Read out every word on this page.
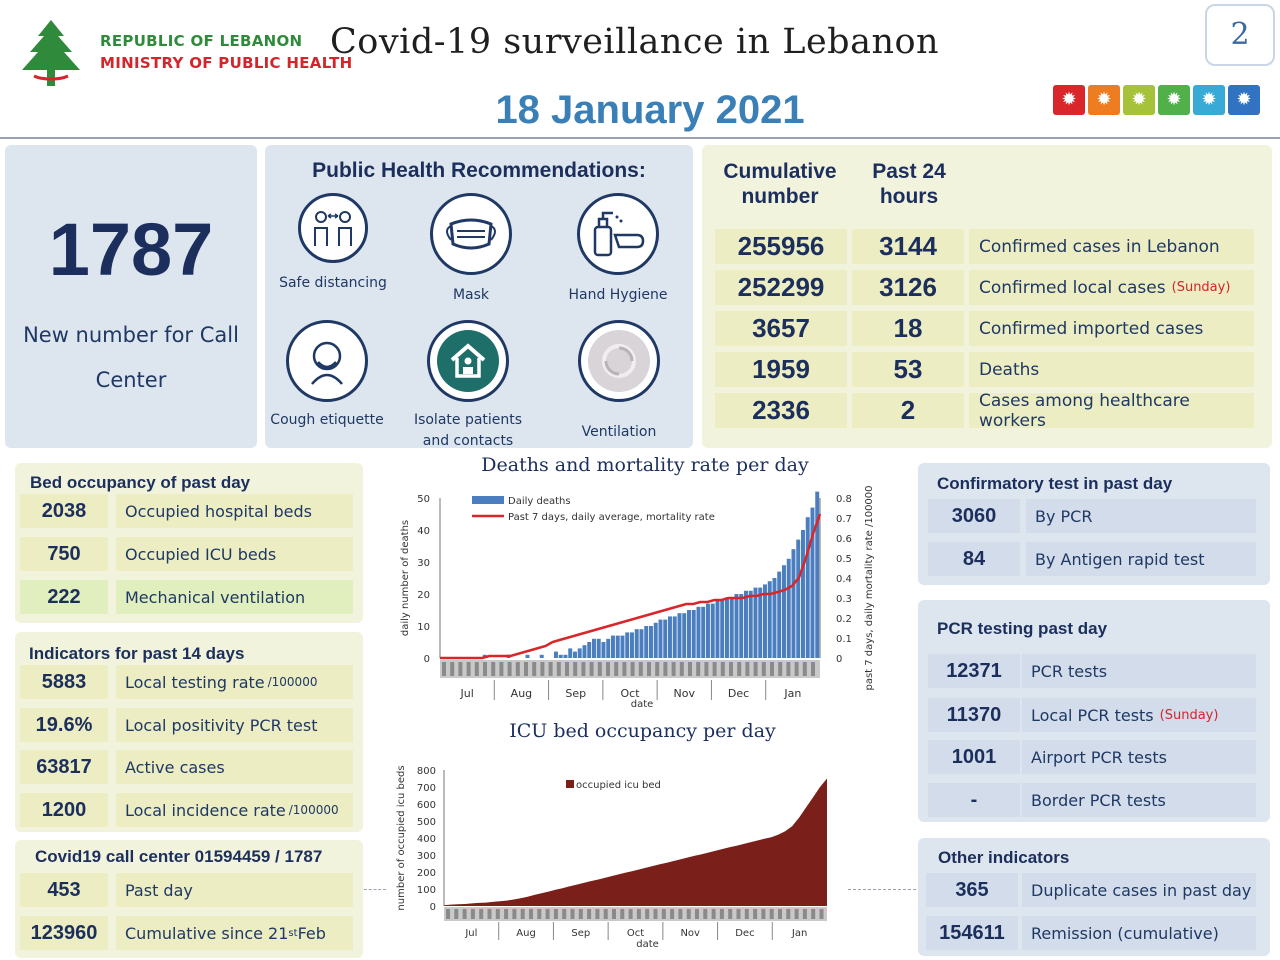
REPUBLIC OF LEBANON
MINISTRY OF PUBLIC HEALTH
Covid-19 surveillance in Lebanon
18 January 2021
2
✹	✹	✹	✹	✹	✹
1787
New number for Call Center
Public Health Recommendations:
Safe distancing
Mask	Hand Hygiene
Cough etiquette	Isolate patients and contacts
Ventilation
Cumulative number
Past 24 hours
255956	3144	Confirmed cases in Lebanon
252299	3126	Confirmed local cases (Sunday)
3657	18	Confirmed imported cases
1959	53	Deaths
2336	2	Cases among healthcare workers
Bed occupancy of past day
2038	Occupied hospital beds
750	Occupied ICU beds
222	Mechanical ventilation
Indicators for past 14 days
5883	Local testing rate /100000
19.6%	Local positivity PCR test
63817	Active cases
1200	Local incidence rate /100000
Covid19 call center 01594459 / 1787
453	Past day
123960	Cumulative since 21 st Feb
Deaths and mortality rate per day
0
10
20
30
40
50
0
0.1
0.2
0.3
0.4
0.5
0.6
0.7
0.8
Jul	Aug	Sep	Oct	Nov	Dec	Jan
date
daily number of deaths	past 7 days, daily mortality rate /100000
Daily deaths
Past 7 days, daily average, mortality rate
ICU bed occupancy per day
0
100
200
300
400
500
600
700
800
Jul	Aug	Sep	Oct	Nov	Dec	Jan
date
number of occupied icu beds	occupied icu bed
Confirmatory test in past day
3060	By PCR
84	By Antigen rapid test
PCR testing past day
12371	PCR tests
11370	Local PCR tests (Sunday)
1001	Airport PCR tests
-	Border PCR tests
Other indicators
365	Duplicate cases in past day
154611	Remission (cumulative)
